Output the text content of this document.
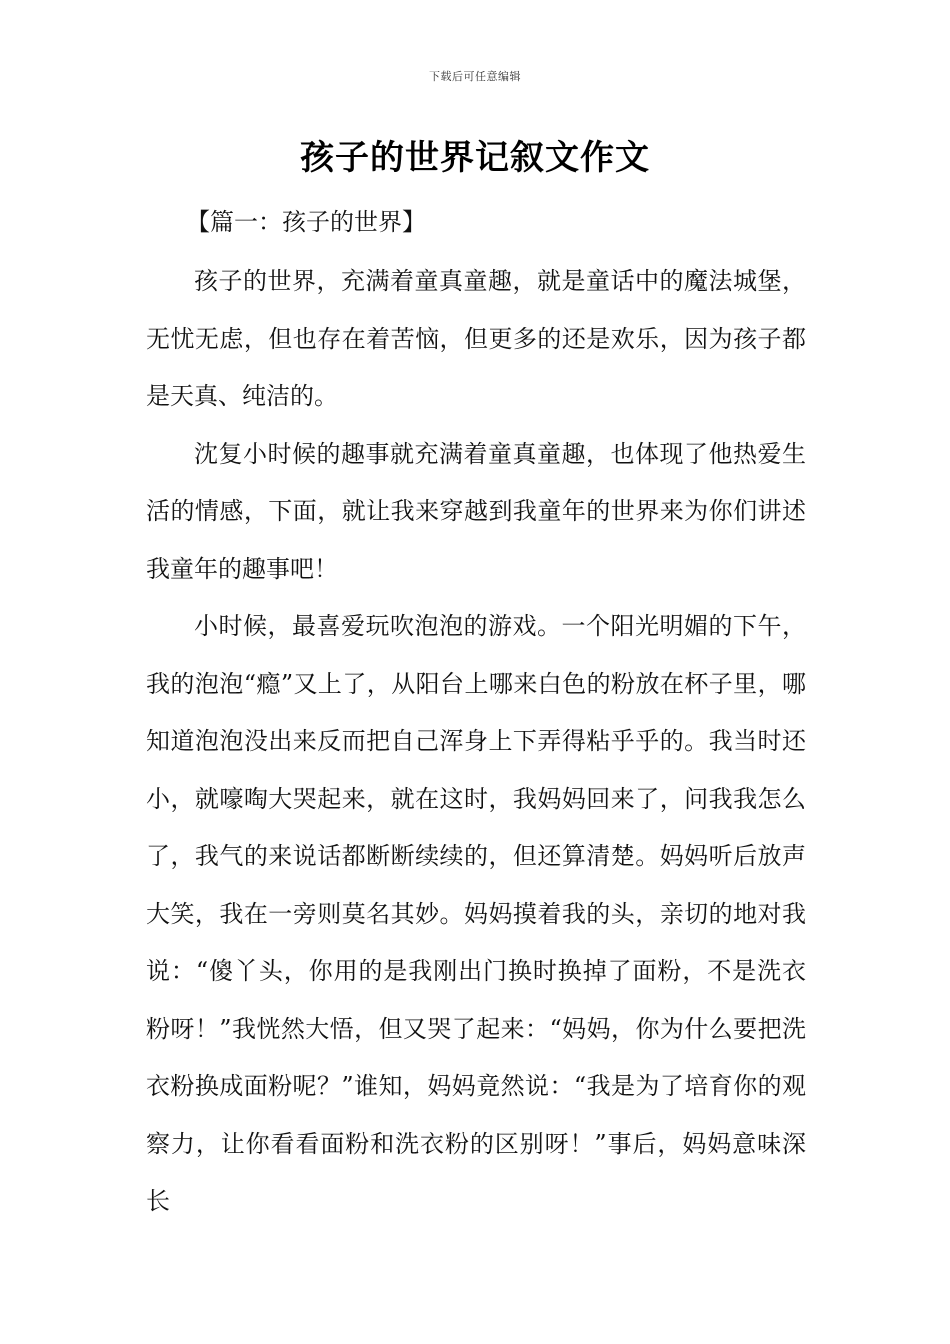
下载后可任意编辑
孩子的世界记叙文作文
【篇一：孩子的世界】

孩子的世界，充满着童真童趣，就是童话中的魔法城堡，无忧无虑，但也存在着苦恼，但更多的还是欢乐，因为孩子都是天真、纯洁的。

沈复小时候的趣事就充满着童真童趣，也体现了他热爱生活的情感，下面，就让我来穿越到我童年的世界来为你们讲述我童年的趣事吧！

小时候，最喜爱玩吹泡泡的游戏。一个阳光明媚的下午，我的泡泡“瘾”又上了，从阳台上哪来白色的粉放在杯子里，哪知道泡泡没出来反而把自己浑身上下弄得粘乎乎的。我当时还小，就嚎啕大哭起来，就在这时，我妈妈回来了，问我我怎么了，我气的来说话都断断续续的，但还算清楚。妈妈听后放声大笑，我在一旁则莫名其妙。妈妈摸着我的头，亲切的地对我说：“傻丫头，你用的是我刚出门换时换掉了面粉，不是洗衣粉呀！”我恍然大悟，但又哭了起来：“妈妈，你为什么要把洗衣粉换成面粉呢？”谁知，妈妈竟然说：“我是为了培育你的观察力，让你看看面粉和洗衣粉的区别呀！”事后，妈妈意味深长
